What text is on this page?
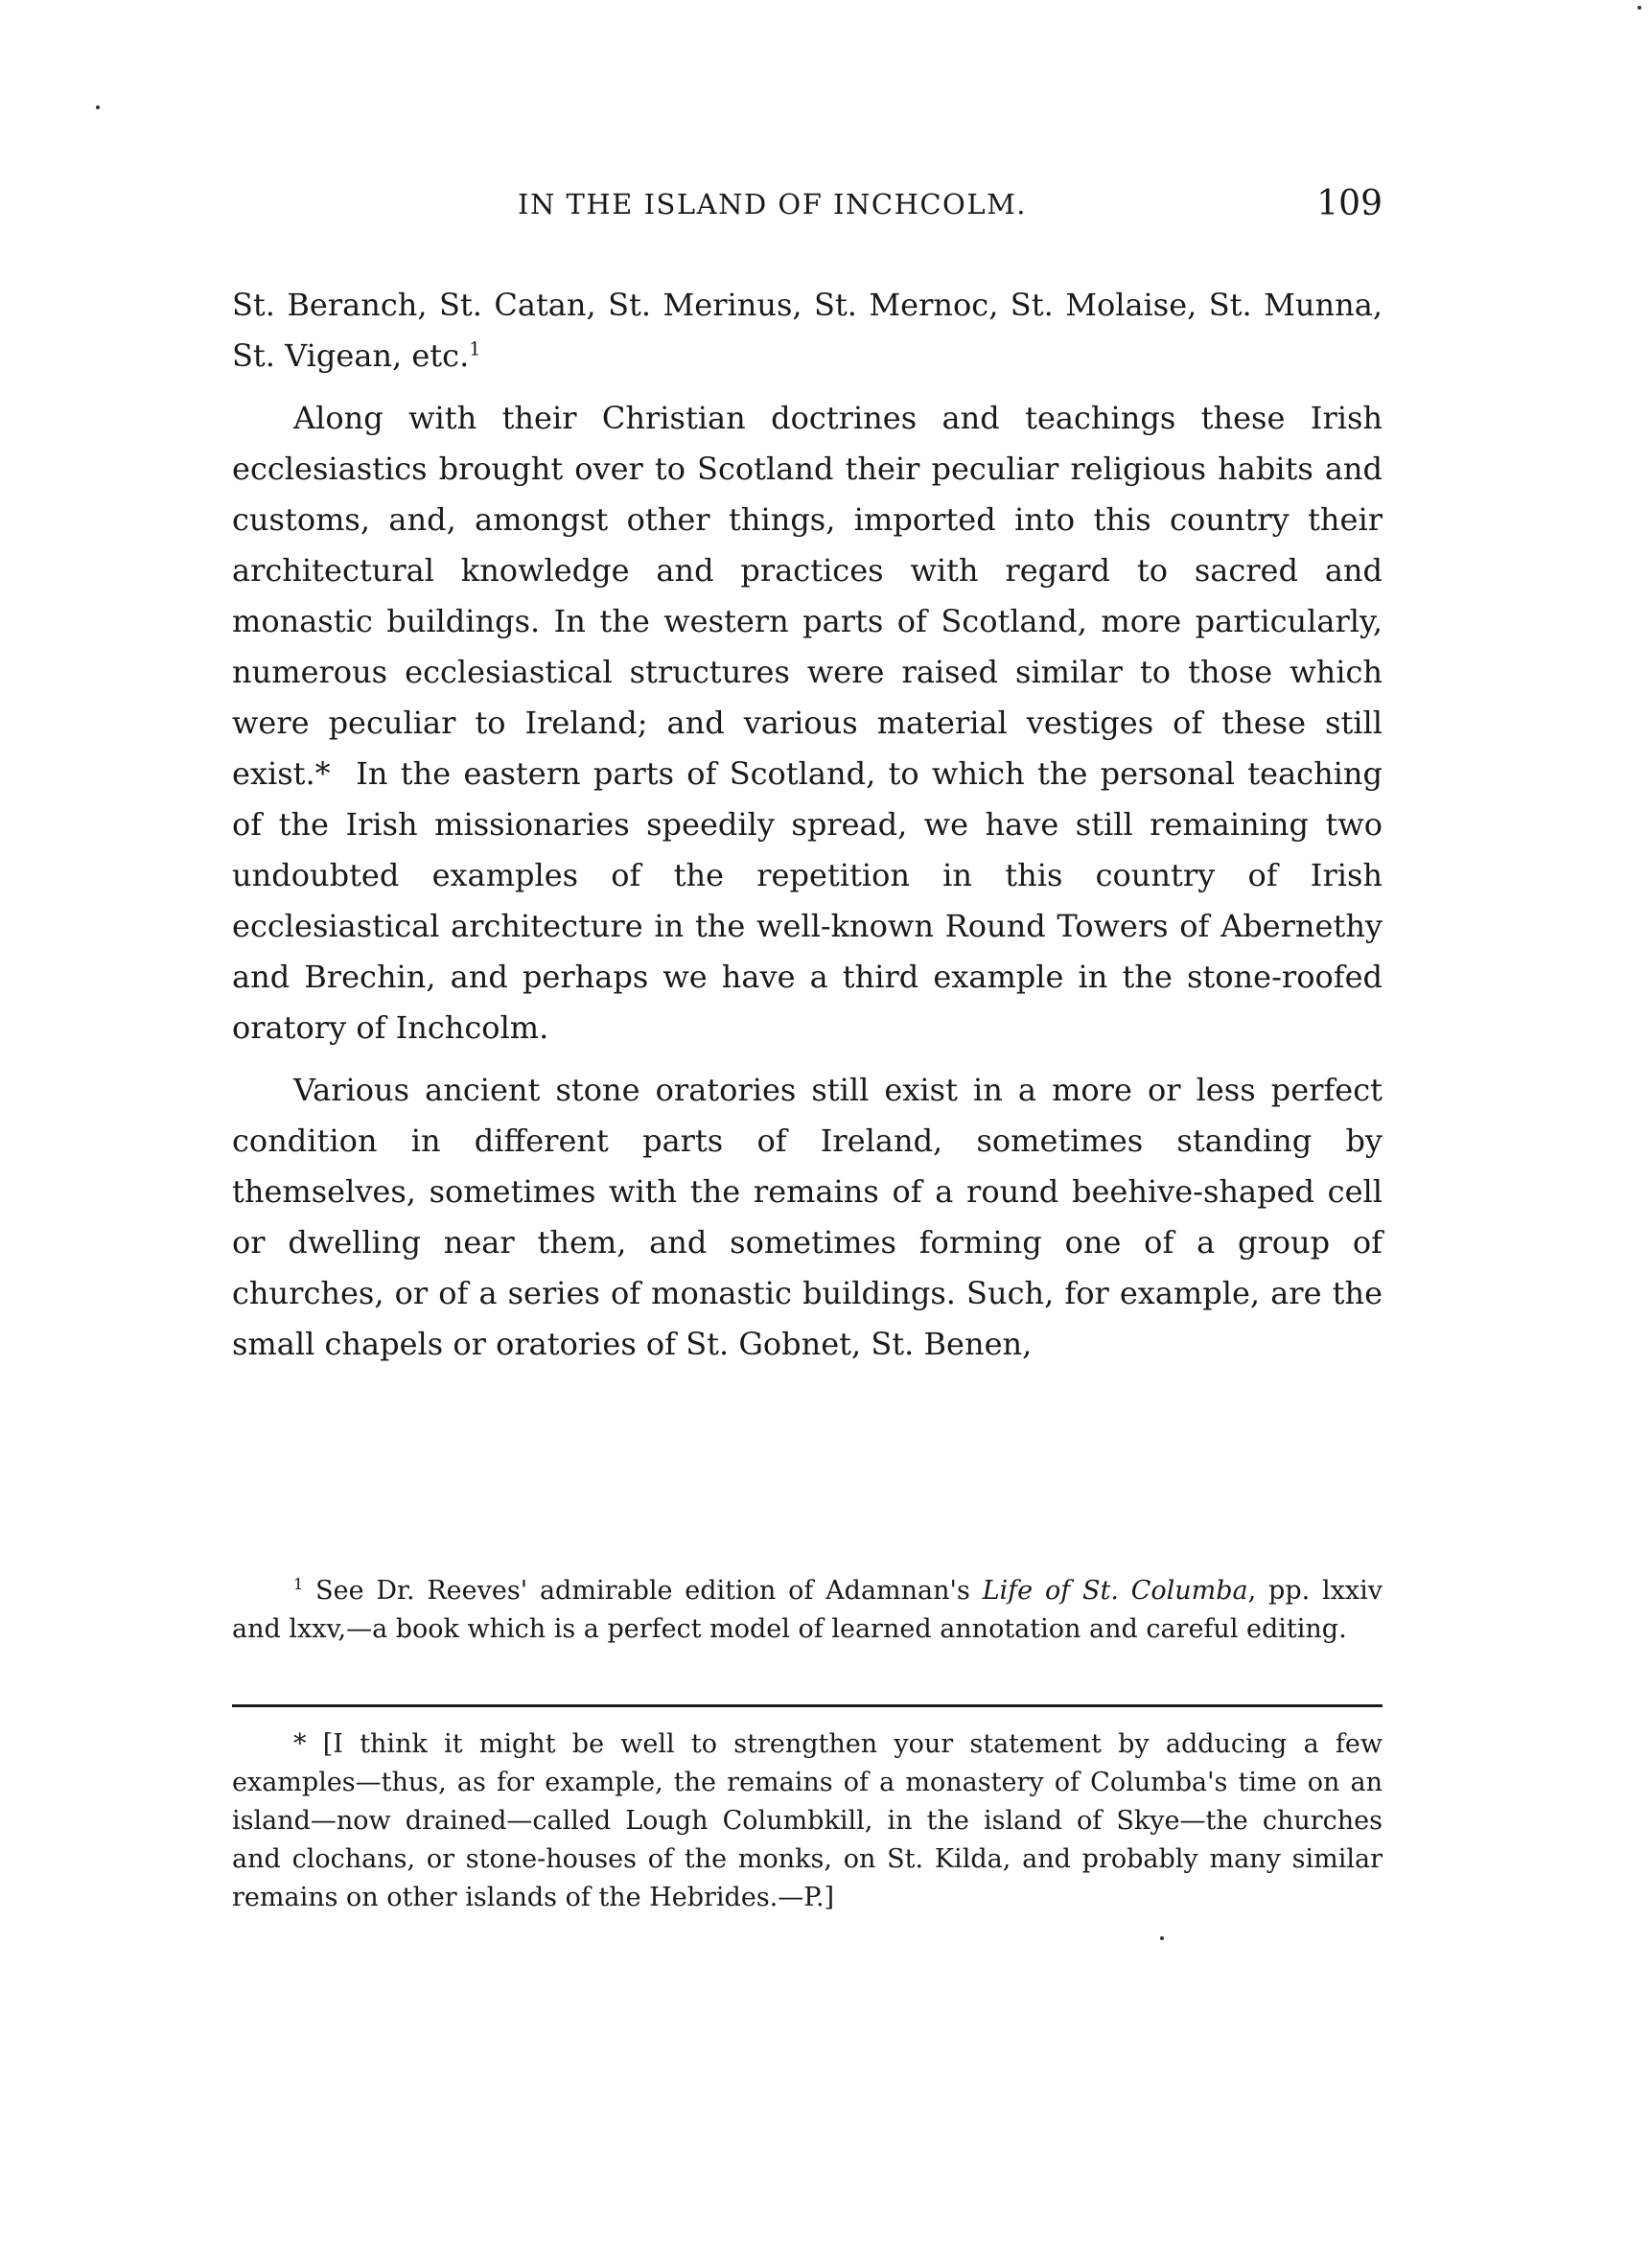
IN THE ISLAND OF INCHCOLM.	109

St. Beranch, St. Catan, St. Merinus, St. Mernoc, St. Molaise, St. Munna, St. Vigean, etc.$^1$

Along with their Christian doctrines and teachings these Irish ecclesiastics brought over to Scotland their peculiar religious habits and customs, and, amongst other things, imported into this country their architectural knowledge and practices with regard to sacred and monastic buildings. In the western parts of Scotland, more particularly, numerous ecclesiastical structures were raised similar to those which were peculiar to Ireland; and various material vestiges of these still exist.* In the eastern parts of Scotland, to which the personal teaching of the Irish missionaries speedily spread, we have still remaining two undoubted examples of the repetition in this country of Irish ecclesiastical architecture in the well-known Round Towers of Abernethy and Brechin, and perhaps we have a third example in the stone-roofed oratory of Inchcolm.

Various ancient stone oratories still exist in a more or less perfect condition in different parts of Ireland, sometimes standing by themselves, sometimes with the remains of a round beehive-shaped cell or dwelling near them, and sometimes forming one of a group of churches, or of a series of monastic buildings. Such, for example, are the small chapels or oratories of St. Gobnet, St. Benen,

$^1$ See Dr. Reeves' admirable edition of Adamnan's Life of St. Columba, pp. lxxiv and lxxv,—a book which is a perfect model of learned annotation and careful editing.

* [I think it might be well to strengthen your statement by adducing a few examples—thus, as for example, the remains of a monastery of Columba's time on an island—now drained—called Lough Columbkill, in the island of Skye—the churches and clochans, or stone-houses of the monks, on St. Kilda, and probably many similar remains on other islands of the Hebrides.—P.]
